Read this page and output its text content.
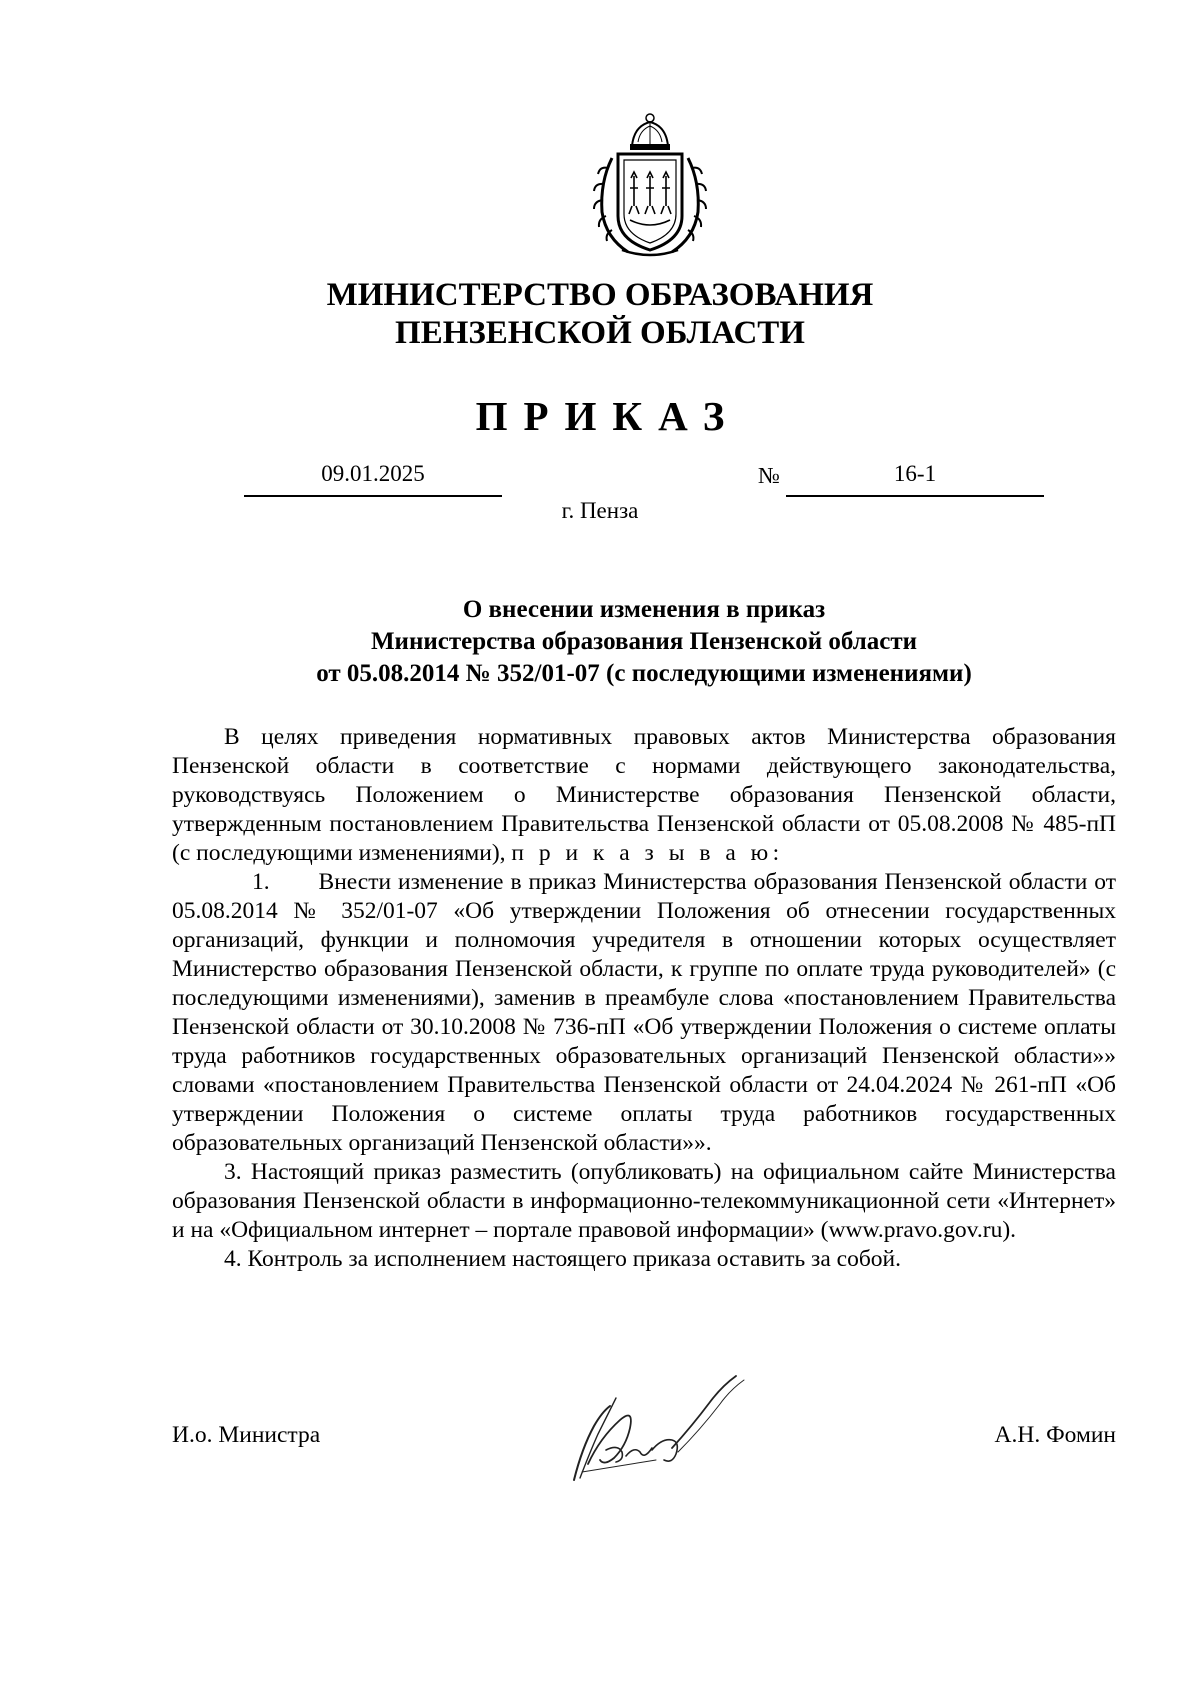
МИНИСТЕРСТВО ОБРАЗОВАНИЯ
ПЕНЗЕНСКОЙ ОБЛАСТИ
ПРИКАЗ
09.01.2025	№	16-1
г. Пенза
О внесении изменения в приказ
Министерства образования Пензенской области
от 05.08.2014 № 352/01-07 (с последующими изменениями)

В целях приведения нормативных правовых актов Министерства образования Пензенской области в соответствие с нормами действующего законодательства, руководствуясь Положением о Министерстве образования Пензенской области, утвержденным постановлением Правительства Пензенской области от 05.08.2008 № 485-пП (с последующими изменениями), п р и к а з ы в а ю:

1. Внести изменение в приказ Министерства образования Пензенской области от 05.08.2014 № 352/01-07 «Об утверждении Положения об отнесении государственных организаций, функции и полномочия учредителя в отношении которых осуществляет Министерство образования Пензенской области, к группе по оплате труда руководителей» (с последующими изменениями), заменив в преамбуле слова «постановлением Правительства Пензенской области от 30.10.2008 № 736-пП «Об утверждении Положения о системе оплаты труда работников государственных образовательных организаций Пензенской области»» словами «постановлением Правительства Пензенской области от 24.04.2024 № 261-пП «Об утверждении Положения о системе оплаты труда работников государственных образовательных организаций Пензенской области»».

3. Настоящий приказ разместить (опубликовать) на официальном сайте Министерства образования Пензенской области в информационно-телекоммуникационной сети «Интернет» и на «Официальном интернет – портале правовой информации» (www.pravo.gov.ru).

4. Контроль за исполнением настоящего приказа оставить за собой.

И.о. Министра	А.Н. Фомин
